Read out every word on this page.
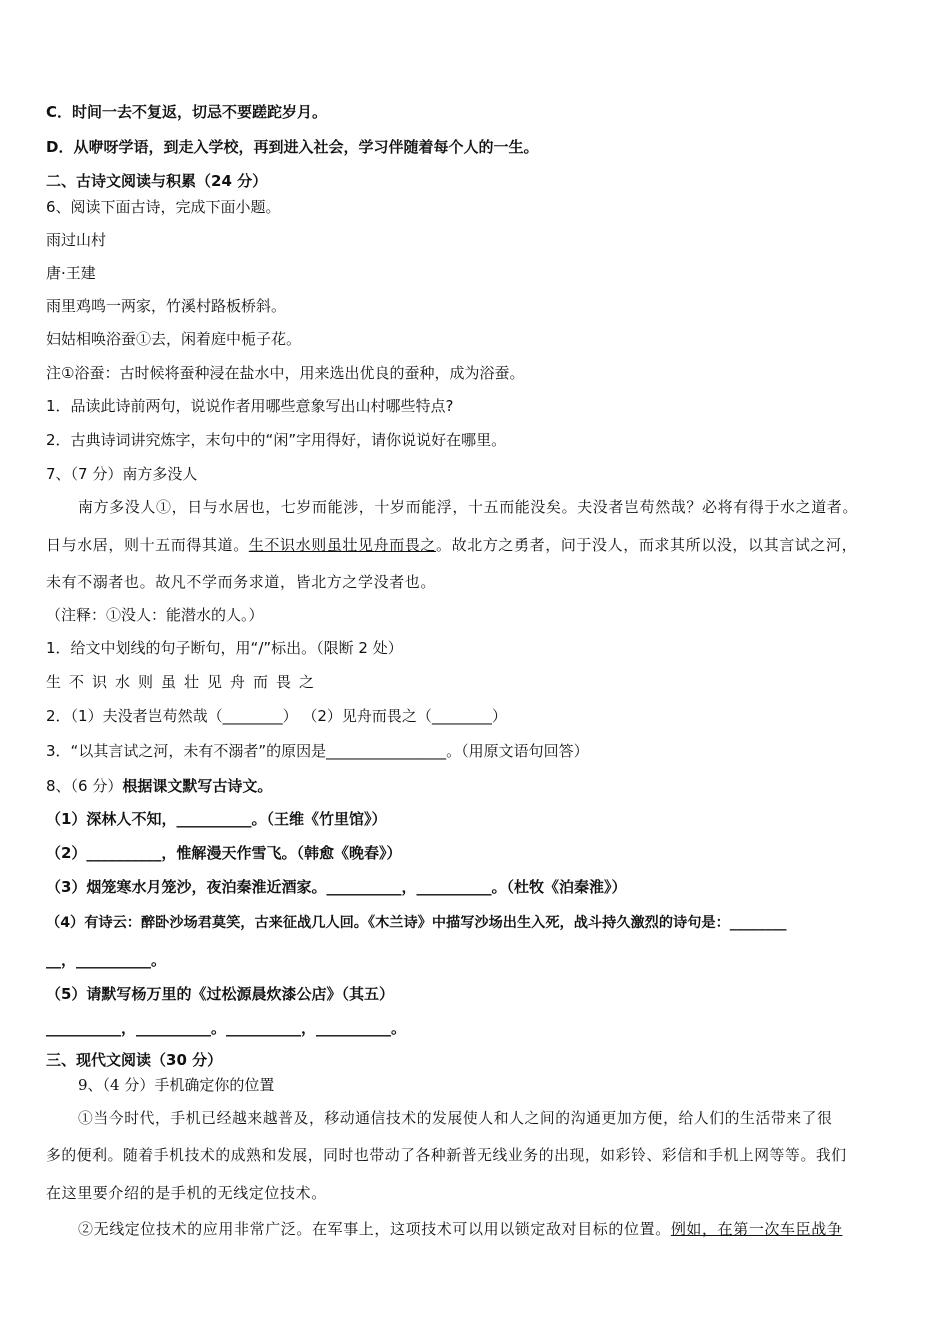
C．时间一去不复返，切忌不要蹉跎岁月。
D．从咿呀学语，到走入学校，再到进入社会，学习伴随着每个人的一生。
二、古诗文阅读与积累（24 分）
6、阅读下面古诗，完成下面小题。
雨过山村
唐·王建
雨里鸡鸣一两家，竹溪村路板桥斜。
妇姑相唤浴蚕①去，闲着庭中栀子花。
注①浴蚕：古时候将蚕种浸在盐水中，用来选出优良的蚕种，成为浴蚕。
1．品读此诗前两句，说说作者用哪些意象写出山村哪些特点?
2．古典诗词讲究炼字，末句中的“闲”字用得好，请你说说好在哪里。
7、（7 分）南方多没人
南方多没人①，日与水居也，七岁而能涉，十岁而能浮，十五而能没矣。夫没者岂苟然哉？必将有得于水之道者。
日与水居，则十五而得其道。生不识水则虽壮见舟而畏之。故北方之勇者，问于没人，而求其所以没，以其言试之河，
未有不溺者也。故凡不学而务求道，皆北方之学没者也。
（注释：①没人：能潜水的人。）
1．给文中划线的句子断句，用“/”标出。（限断 2 处）
生不识水则虽壮见舟而畏之
2．（1）夫没者岂苟然哉（________） （2）见舟而畏之（________）
3．“以其言试之河，未有不溺者”的原因是________________。（用原文语句回答）
8、（6 分）根据课文默写古诗文。
（1）深林人不知，__________。（王维《竹里馆》）
（2）__________，惟解漫天作雪飞。（韩愈《晚春》）
（3）烟笼寒水月笼沙，夜泊秦淮近酒家。__________，__________。（杜牧《泊秦淮》）
（4）有诗云：醉卧沙场君莫笑，古来征战几人回。《木兰诗》中描写沙场出生入死，战斗持久激烈的诗句是：________
__，__________。
（5）请默写杨万里的《过松源晨炊漆公店》（其五）
__________，__________。__________，__________。
三、现代文阅读（30 分）
9、（4 分）手机确定你的位置
①当今时代，手机已经越来越普及，移动通信技术的发展使人和人之间的沟通更加方便，给人们的生活带来了很
多的便利。随着手机技术的成熟和发展，同时也带动了各种新普无线业务的出现，如彩铃、彩信和手机上网等等。我们
在这里要介绍的是手机的无线定位技术。
②无线定位技术的应用非常广泛。在军事上，这项技术可以用以锁定敌对目标的位置。例如，在第一次车臣战争
